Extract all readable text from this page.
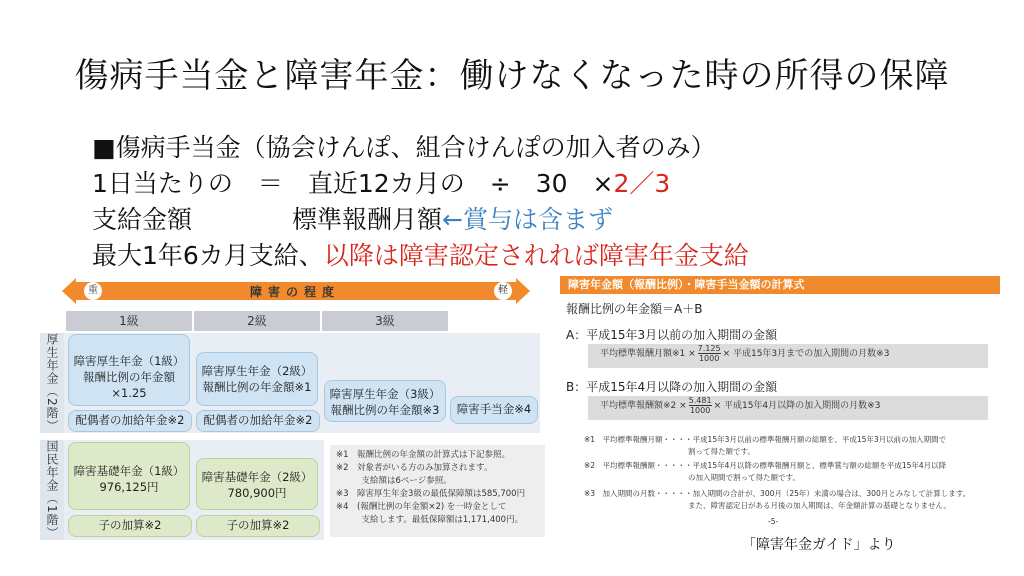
傷病手当金と障害年金：働けなくなった時の所得の保障
■傷病手当金（協会けんぽ、組合けんぽの加入者のみ）
1日当たりの　＝　直近12カ月の　÷　30　×2／3
支給金額　　　　標準報酬月額←賞与は含まず
最大1年6カ月支給、以降は障害認定されれば障害年金支給
重	軽
障害の程度
1級	2級	3級
厚生年金（2階）
国民年金（1階）
障害厚生年金（1級）
報酬比例の年金額×1.25
障害厚生年金（2級）
報酬比例の年金額※1	障害厚生年金（3級）
報酬比例の年金額※3	障害手当金※4
配偶者の加給年金※2	配偶者の加給年金※2
障害基礎年金（1級）
976,125円
障害基礎年金（2級）
780,900円
子の加算※2	子の加算※2
※1　報酬比例の年金額の計算式は下記参照。
※2　対象者がいる方のみ加算されます。
　　　支給額は6ページ参照。
※3　障害厚生年金3級の最低保障額は585,700円
※4　(報酬比例の年金額×2) を一時金として
　　　支給します。最低保障額は1,171,400円。
障害年金額（報酬比例）・障害手当金額の計算式
報酬比例の年金額＝A＋B
A：平成15年3月以前の加入期間の金額
平均標準報酬月額※1 × $\frac{7.125}{1000}$ × 平成15年3月までの加入期間の月数※3
B：平成15年4月以降の加入期間の金額
平均標準報酬額※2 × $\frac{5.481}{1000}$ × 平成15年4月以降の加入期間の月数※3
※1　平均標準報酬月額・・・・平成15年3月以前の標準報酬月額の総額を、平成15年3月以前の加入期間で
割って得た額です。
※2　平均標準報酬額・・・・・平成15年4月以降の標準報酬月額と、標準賞与額の総額を平成15年4月以降
の加入期間で割って得た額です。
※3　加入期間の月数・・・・・加入期間の合計が、300月（25年）未満の場合は、300月とみなして計算します。
また、障害認定日がある月後の加入期間は、年金額計算の基礎となりません。
-5-
「障害年金ガイド」より
